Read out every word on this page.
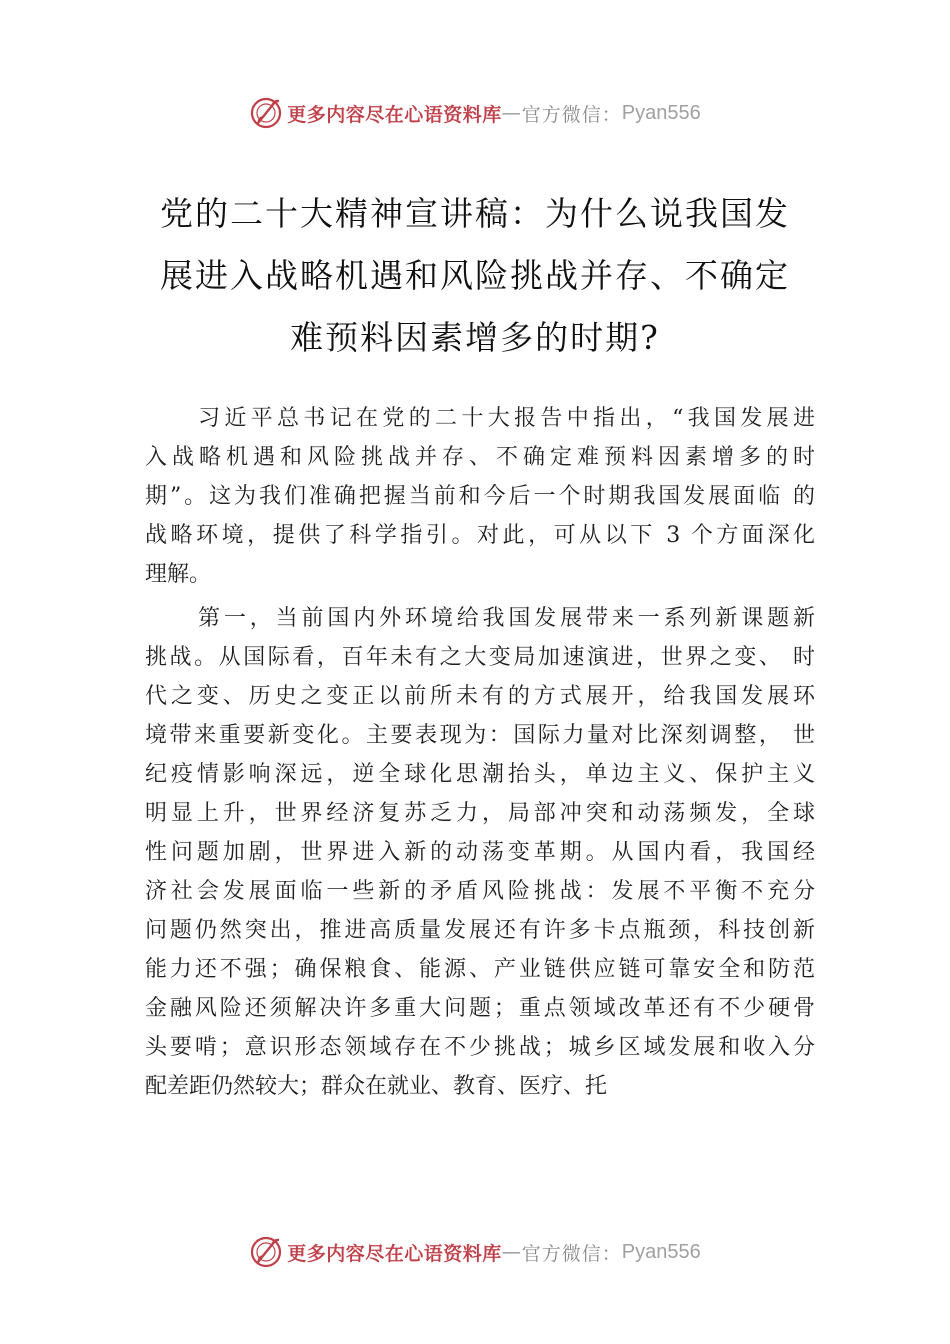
更多内容尽在心语资料库 — 官方微信： Pyan556
党的二十大精神宣讲稿：为什么说我国发
展进入战略机遇和风险挑战并存、不确定
难预料因素增多的时期?
习近平总书记在党的二十大报告中指出，“我国发展进
入战略机遇和风险挑战并存、不确定难预料因素增多的时
期”。这为我们准确把握当前和今后一个时期我国发展面临 的
战略环境，提供了科学指引。对此，可从以下 3 个方面深化
理解。
第一，当前国内外环境给我国发展带来一系列新课题新
挑战。从国际看，百年未有之大变局加速演进，世界之变、 时
代之变、历史之变正以前所未有的方式展开，给我国发展环
境带来重要新变化。主要表现为：国际力量对比深刻调整， 世
纪疫情影响深远，逆全球化思潮抬头，单边主义、保护主义
明显上升，世界经济复苏乏力，局部冲突和动荡频发，全球
性问题加剧，世界进入新的动荡变革期。从国内看，我国经
济社会发展面临一些新的矛盾风险挑战：发展不平衡不充分
问题仍然突出，推进高质量发展还有许多卡点瓶颈，科技创新
能力还不强；确保粮食、能源、产业链供应链可靠安全和防范
金融风险还须解决许多重大问题；重点领域改革还有不少硬骨
头要啃；意识形态领域存在不少挑战；城乡区域发展和收入分
配差距仍然较大；群众在就业、教育、医疗、托
更多内容尽在心语资料库 — 官方微信： Pyan556
